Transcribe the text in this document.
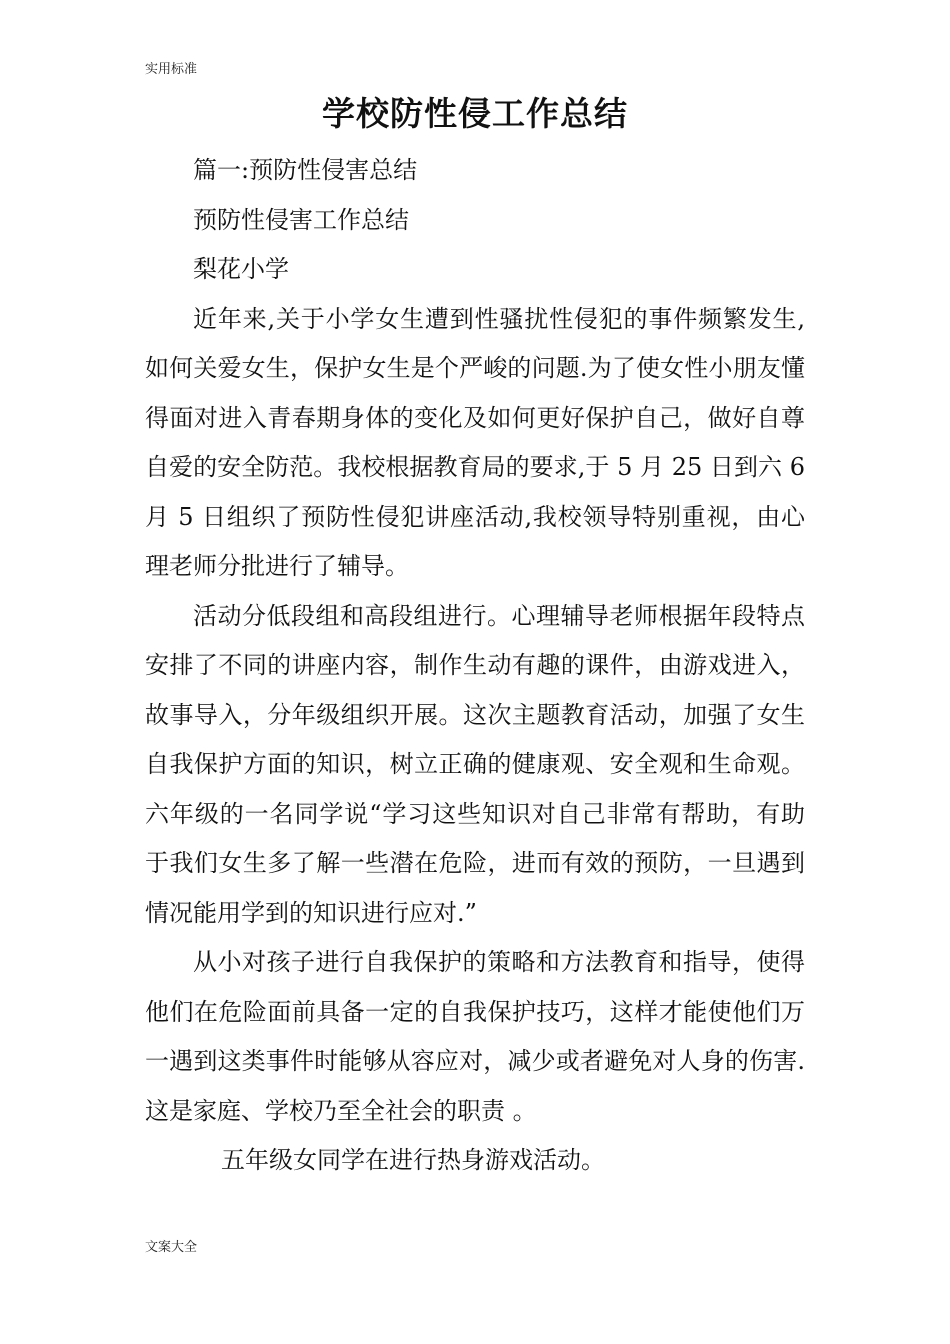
实用标准
学校防性侵工作总结
篇一:预防性侵害总结
预防性侵害工作总结
梨花小学
近年来,关于小学女生遭到性骚扰性侵犯的事件频繁发生,如何关爱女生，保护女生是个严峻的问题.为了使女性小朋友懂得面对进入青春期身体的变化及如何更好保护自己，做好自尊自爱的安全防范。我校根据教育局的要求,于 5 月 25 日到六 6 月 5 日组织了预防性侵犯讲座活动,我校领导特别重视，由心理老师分批进行了辅导。
活动分低段组和高段组进行。心理辅导老师根据年段特点安排了不同的讲座内容，制作生动有趣的课件，由游戏进入，故事导入，分年级组织开展。这次主题教育活动，加强了女生自我保护方面的知识，树立正确的健康观、安全观和生命观。六年级的一名同学说“学习这些知识对自己非常有帮助，有助于我们女生多了解一些潜在危险，进而有效的预防，一旦遇到情况能用学到的知识进行应对.”
从小对孩子进行自我保护的策略和方法教育和指导，使得他们在危险面前具备一定的自我保护技巧，这样才能使他们万一遇到这类事件时能够从容应对，减少或者避免对人身的伤害.这是家庭、学校乃至全社会的职责 。
五年级女同学在进行热身游戏活动。
文案大全
